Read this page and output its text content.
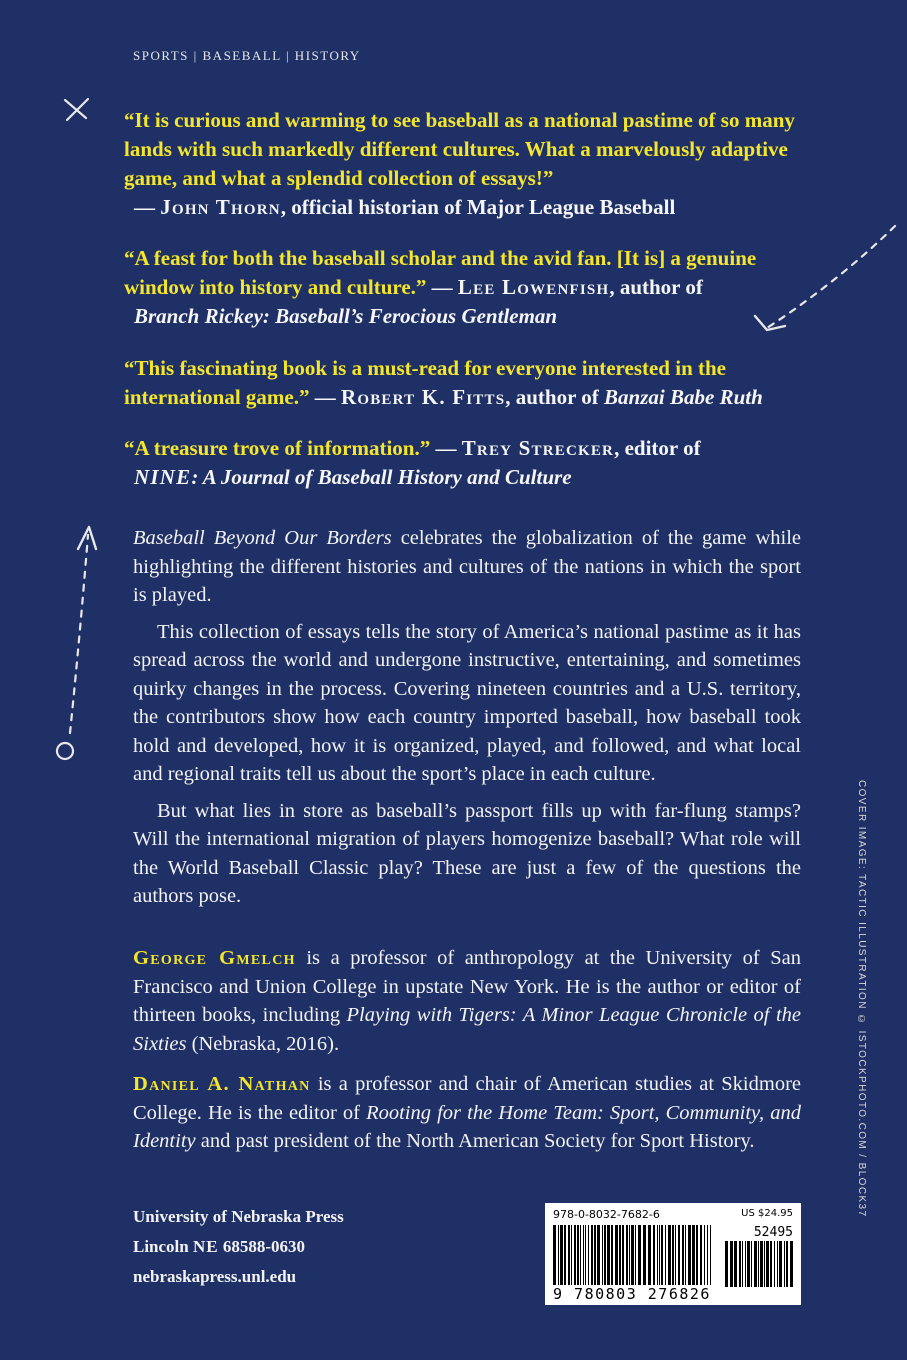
SPORTS | BASEBALL | HISTORY
“It is curious and warming to see baseball as a national pastime of so many lands with such markedly different cultures. What a marvelously adaptive game, and what a splendid collection of essays!”
— John Thorn, official historian of Major League Baseball
“A feast for both the baseball scholar and the avid fan. [It is] a genuine window into history and culture.” — Lee Lowenfish, author of
Branch Rickey: Baseball’s Ferocious Gentleman
“This fascinating book is a must-read for everyone interested in the international game.” — Robert K. Fitts, author of Banzai Babe Ruth
“A treasure trove of information.” — Trey Strecker, editor of
NINE: A Journal of Baseball History and Culture

Baseball Beyond Our Borders celebrates the globalization of the game while highlighting the different histories and cultures of the nations in which the sport is played.

This collection of essays tells the story of America’s national pastime as it has spread across the world and undergone instructive, entertaining, and sometimes quirky changes in the process. Covering nineteen countries and a U.S. territory, the contributors show how each country imported baseball, how baseball took hold and developed, how it is organized, played, and followed, and what local and regional traits tell us about the sport’s place in each culture.

But what lies in store as baseball’s passport fills up with far-flung stamps? Will the international migration of players homogenize baseball? What role will the World Baseball Classic play? These are just a few of the questions the authors pose.

George Gmelch is a professor of anthropology at the University of San Francisco and Union College in upstate New York. He is the author or editor of thirteen books, including Playing with Tigers: A Minor League Chronicle of the Sixties (Nebraska, 2016).

Daniel A. Nathan is a professor and chair of American studies at Skidmore College. He is the editor of Rooting for the Home Team: Sport, Community, and Identity and past president of the North American Society for Sport History.	COVER IMAGE: TACTIC ILLUSTRATION © ISTOCKPHOTO.COM / BLOCK37
University of Nebraska Press
Lincoln NE 68588-0630
nebraskapress.unl.edu
978-0-8032-7682-6	US $24.95
52495
9 780803 276826
